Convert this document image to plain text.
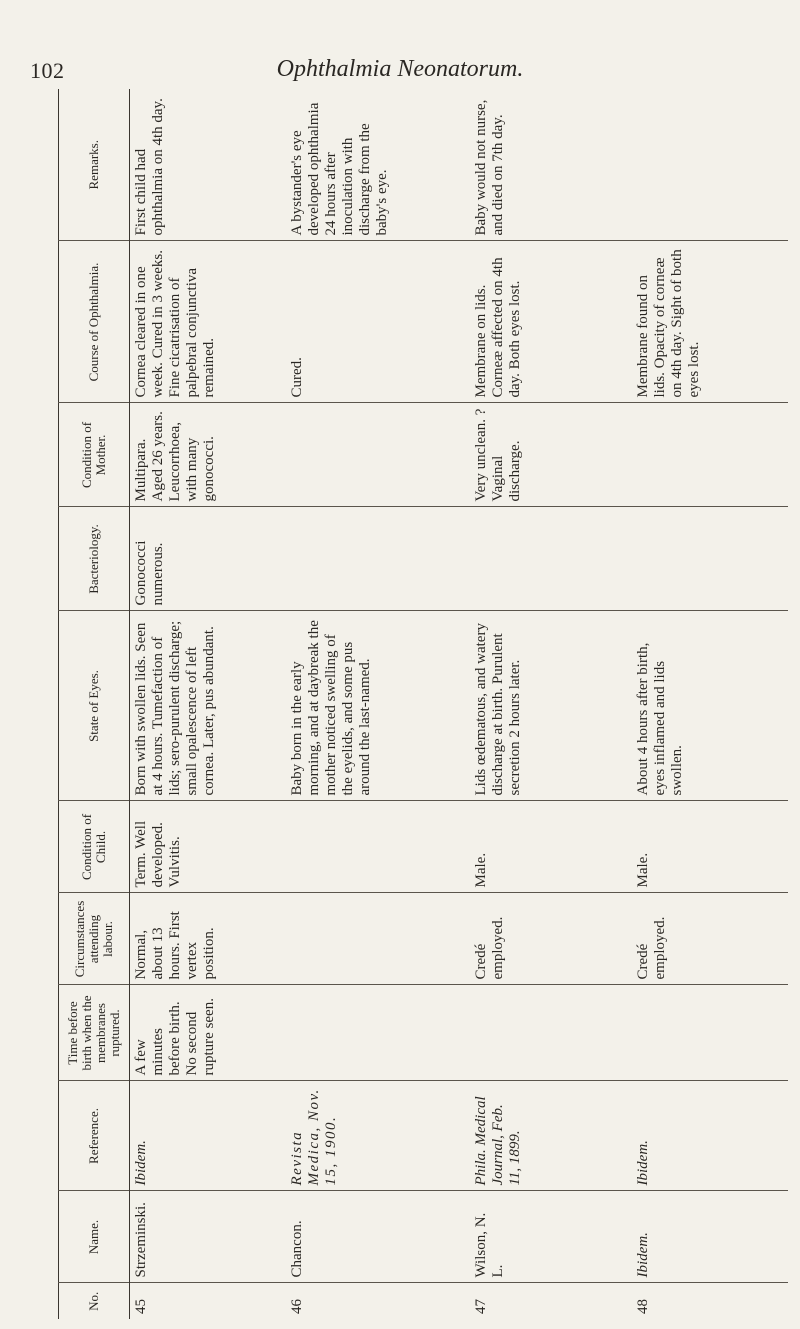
102	Ophthalmia Neonatorum.
No.	Name.	Reference.	Time before birth when the membranes ruptured.	Circumstances attending labour.	Condition of Child.	State of Eyes.	Bacteriology.	Condition of Mother.	Course of Ophthalmia.	Remarks.
45	Strzeminski.	Ibidem.	A few minutes before birth. No second rupture seen.	Normal, about 13 hours. First vertex position.	Term. Well developed. Vulvitis.	Born with swollen lids. Seen at 4 hours. Tumefaction of lids; sero-purulent discharge; small opalescence of left cornea. Later, pus abundant.	Gonococci numerous.	Multipara. Aged 26 years. Leucorrhoea, with many gonococci.	Cornea cleared in one week. Cured in 3 weeks. Fine cicatrisation of palpebral conjunctiva remained.	First child had ophthalmia on 4th day.
46	Chancon.	Revista Medica, Nov. 15, 1900.				Baby born in the early morning, and at daybreak the mother noticed swelling of the eyelids, and some pus around the last-named.			Cured.	A bystander's eye developed ophthalmia 24 hours after inoculation with discharge from the baby's eye.
47	Wilson, N. L.	Phila. Medical Journal, Feb. 11, 1899.		Credé employed.	Male.	Lids œdematous, and watery discharge at birth. Purulent secretion 2 hours later.		Very unclean. ? Vaginal discharge.	Membrane on lids. Corneæ affected on 4th day. Both eyes lost.	Baby would not nurse, and died on 7th day.
48	Ibidem.	Ibidem.		Credé employed.	Male.	About 4 hours after birth, eyes inflamed and lids swollen.			Membrane found on lids. Opacity of corneæ on 4th day. Sight of both eyes lost.	
